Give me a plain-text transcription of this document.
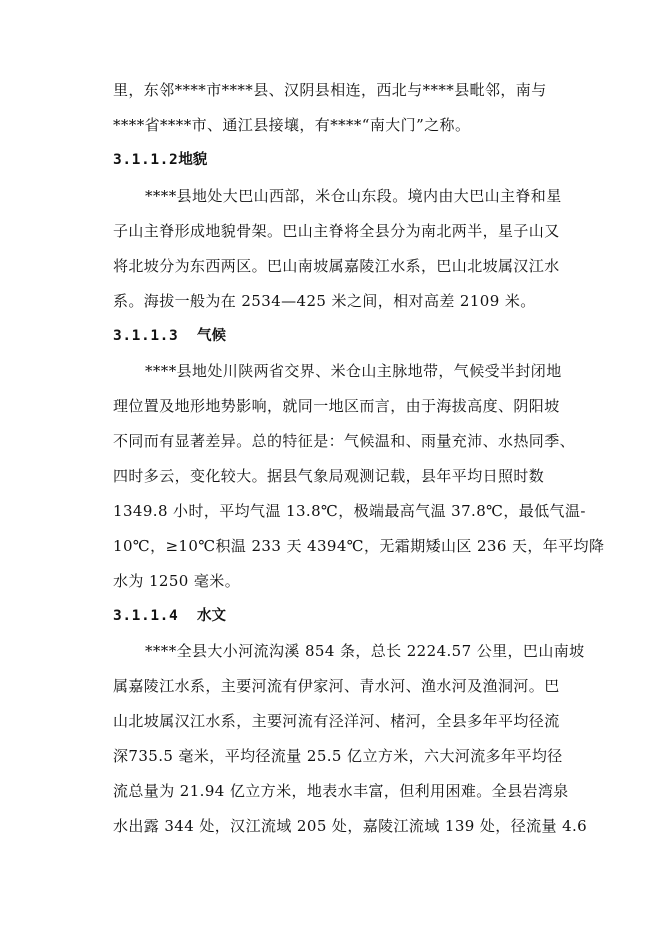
里，东邻****市****县、汉阴县相连，西北与****县毗邻，南与
****省****市、通江县接壤，有****“南大门”之称。
3.1.1.2地貌
****县地处大巴山西部，米仓山东段。境内由大巴山主脊和星
子山主脊形成地貌骨架。巴山主脊将全县分为南北两半，星子山又
将北坡分为东西两区。巴山南坡属嘉陵江水系，巴山北坡属汉江水
系。海拔一般为在 2534—425 米之间，相对高差 2109 米。
3.1.1.3 气候
****县地处川陕两省交界、米仓山主脉地带，气候受半封闭地
理位置及地形地势影响，就同一地区而言，由于海拔高度、阴阳坡
不同而有显著差异。总的特征是：气候温和、雨量充沛、水热同季、
四时多云，变化较大。据县气象局观测记载，县年平均日照时数
1349.8 小时，平均气温 13.8℃，极端最高气温 37.8℃，最低气温-
10℃，≥10℃积温 233 天 4394℃，无霜期矮山区 236 天，年平均降
水为 1250 毫米。
3.1.1.4 水文
****全县大小河流沟溪 854 条，总长 2224.57 公里，巴山南坡
属嘉陵江水系，主要河流有伊家河、青水河、渔水河及渔洞河。巴
山北坡属汉江水系，主要河流有泾洋河、楮河，全县多年平均径流
深735.5 毫米，平均径流量 25.5 亿立方米，六大河流多年平均径
流总量为 21.94 亿立方米，地表水丰富，但利用困难。全县岩湾泉
水出露 344 处，汉江流域 205 处，嘉陵江流域 139 处，径流量 4.6
